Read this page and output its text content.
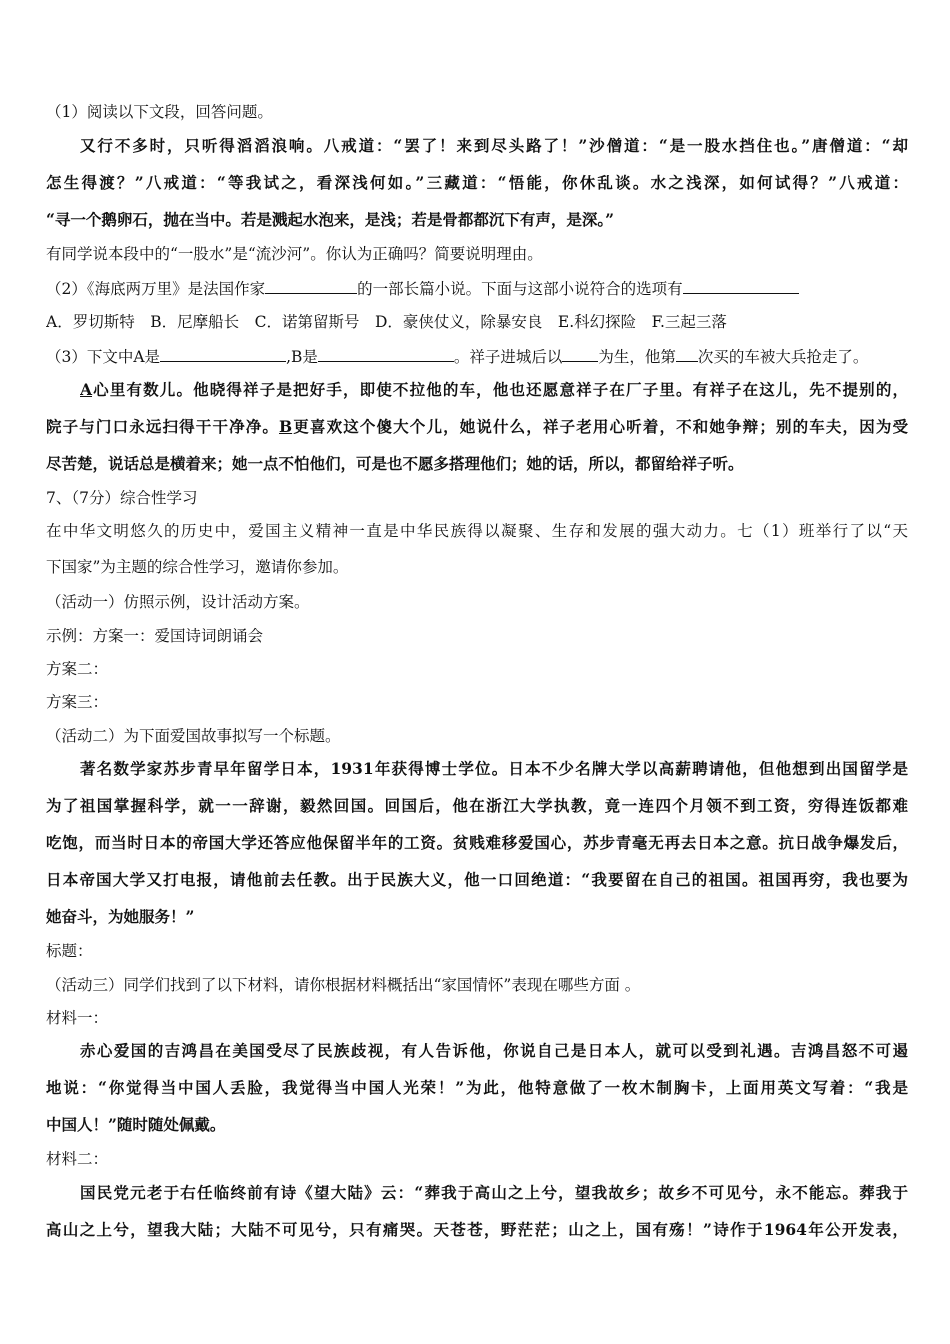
（1）阅读以下文段，回答问题。
又行不多时，只听得滔滔浪响。八戒道：“罢了！来到尽头路了！”沙僧道：“是一股水挡住也。”唐僧道：“却
怎生得渡？”八戒道：“等我试之，看深浅何如。”三藏道：“悟能，你休乱谈。水之浅深，如何试得？”八戒道：
“寻一个鹅卵石，抛在当中。若是溅起水泡来，是浅；若是骨都都沉下有声，是深。”
有同学说本段中的“一股水”是“流沙河”。你认为正确吗？简要说明理由。
（2）《海底两万里》是法国作家	的一部长篇小说。下面与这部小说符合的选项有
A．罗切斯特　B．尼摩船长　C．诺第留斯号　D．豪侠仗义，除暴安良　E.科幻探险　F.三起三落
（3）下文中A是	,B是	。祥子进城后以 为生，他第 次买的车被大兵抢走了。
A心里有数儿。他晓得祥子是把好手，即使不拉他的车，他也还愿意祥子在厂子里。有祥子在这儿，先不提别的，
院子与门口永远扫得干干净净。B更喜欢这个傻大个儿，她说什么，祥子老用心听着，不和她争辩；别的车夫，因为受
尽苦楚，说话总是横着来；她一点不怕他们，可是也不愿多搭理他们；她的话，所以，都留给祥子听。
7、（7分）综合性学习
在中华文明悠久的历史中，爱国主义精神一直是中华民族得以凝聚、生存和发展的强大动力。七（1）班举行了以“天
下国家”为主题的综合性学习，邀请你参加。
（活动一）仿照示例，设计活动方案。
示例：方案一：爱国诗词朗诵会
方案二：
方案三：
（活动二）为下面爱国故事拟写一个标题。
著名数学家苏步青早年留学日本，1931年获得博士学位。日本不少名牌大学以高薪聘请他，但他想到出国留学是
为了祖国掌握科学，就一一辞谢，毅然回国。回国后，他在浙江大学执教，竟一连四个月领不到工资，穷得连饭都难
吃饱，而当时日本的帝国大学还答应他保留半年的工资。贫贱难移爱国心，苏步青毫无再去日本之意。抗日战争爆发后，
日本帝国大学又打电报，请他前去任教。出于民族大义，他一口回绝道：“我要留在自己的祖国。祖国再穷，我也要为
她奋斗，为她服务！”
标题：
（活动三）同学们找到了以下材料，请你根据材料概括出“家国情怀”表现在哪些方面 。
材料一：
赤心爱国的吉鸿昌在美国受尽了民族歧视，有人告诉他，你说自己是日本人，就可以受到礼遇。吉鸿昌怒不可遏
地说：“你觉得当中国人丢脸，我觉得当中国人光荣！”为此，他特意做了一枚木制胸卡，上面用英文写着：“我是
中国人！”随时随处佩戴。
材料二：
国民党元老于右任临终前有诗《望大陆》云：“葬我于高山之上兮，望我故乡；故乡不可见兮，永不能忘。葬我于
高山之上兮，望我大陆；大陆不可见兮，只有痛哭。天苍苍，野茫茫；山之上，国有殇！”诗作于1964年公开发表，
